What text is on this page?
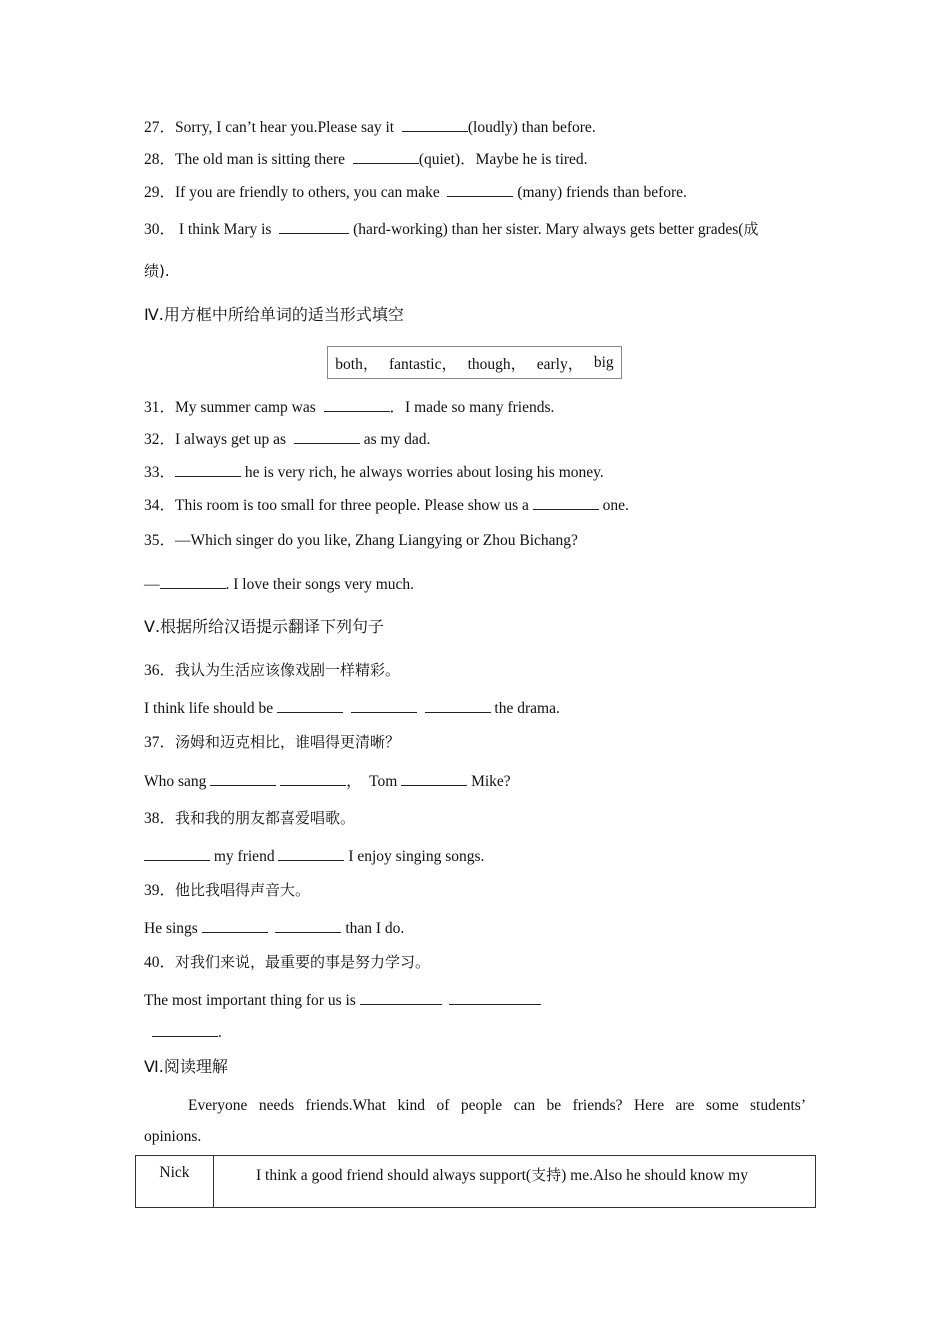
27．Sorry, I can’t hear you.Please say it	(loudly) than before.
28．The old man is sitting there	(quiet)．Maybe he is tired.
29．If you are friendly to others, you can make	(many) friends than before.
30． I think Mary is	(hard-working) than her sister. Mary always gets better grades(成
绩).
Ⅳ.用方框中所给单词的适当形式填空
both， fantastic， though， early， big
31．My summer camp was	．I made so many friends.
32．I always get up as	as my dad.
33．	he is very rich, he always worries about losing his money.
34．This room is too small for three people. Please show us a	one.
35．—Which singer do you like, Zhang Liangying or Zhou Bichang?
—	. I love their songs very much.
Ⅴ.根据所给汉语提示翻译下列句子
36．我认为生活应该像戏剧一样精彩。
I think life should be	the drama.
37．汤姆和迈克相比，谁唱得更清晰？
Who sang	，  Tom	Mike?
38．我和我的朋友都喜爱唱歌。
my friend	I enjoy singing songs.
39．他比我唱得声音大。
He sings	than I do.
40．对我们来说，最重要的事是努力学习。
The most important thing for us is
.
Ⅵ.阅读理解
Everyone needs friends.What kind of people can be friends? Here are some students’
opinions.
Nick	I think a good friend should always support(支持) me.Also he should know my
